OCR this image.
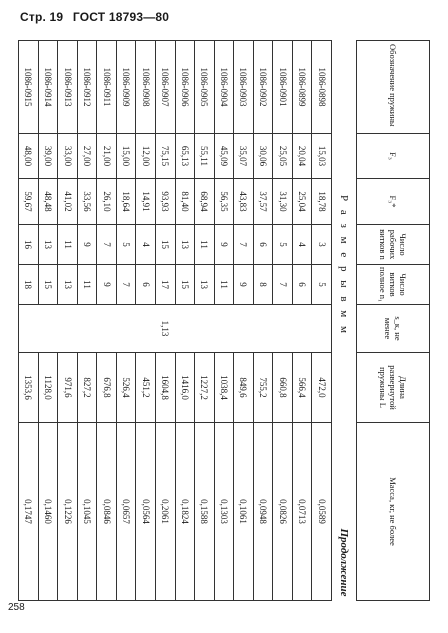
Стр. 19 ГОСТ 18793—80
258
		Р а з м е р ы в м м				Продолжение	
Обозначение пружины	F₃	F₃*	Число рабочих витков n	Число витков полное n₁	s_к, не менее	Длина развернутой пружины L	Масса, кг, не более
1086-0898	15,03	18,78	3	5		472,0	0,0589
1086-0899	20,04	25,04	4	6		566,4	0,0713
1086-0901	25,05	31,30	5	7		660,8	0,0826
1086-0902	30,06	37,57	6	8		755,2	0,0948
1086-0903	35,07	43,83	7	9		849,6	0,1061
1086-0904	45,09	56,35	9	11		1038,4	0,1303
1086-0905	55,11	68,94	11	13		1227,2	0,1588
1086-0906	65,13	81,40	13	15		1416,0	0,1824
1086-0907	75,15	93,93	15	17	1,13	1604,8	0,2061
1086-0908	12,00	14,91	4	6		451,2	0,0564
1086-0909	15,00	18,64	5	7		526,4	0,0657
1086-0911	21,00	26,10	7	9		676,8	0,0846
1086-0912	27,00	33,56	9	11		827,2	0,1045
1086-0913	33,00	41,02	11	13		971,6	0,1226
1086-0914	39,00	48,48	13	15		1128,0	0,1460
1086-0915	48,00	59,67	16	18		1353,6	0,1747
